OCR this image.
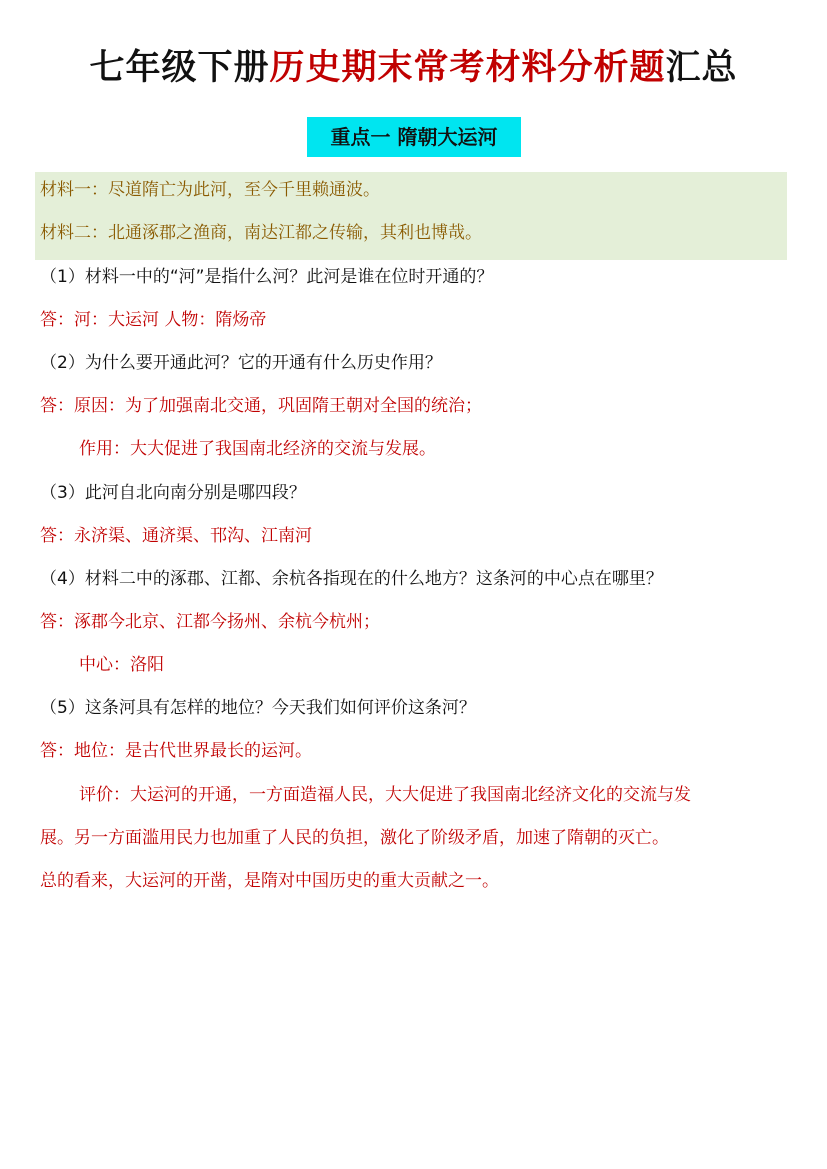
七年级下册历史期末常考材料分析题汇总
重点一 隋朝大运河
材料一：尽道隋亡为此河，至今千里赖通波。
材料二：北通涿郡之渔商，南达江都之传输，其利也博哉。
（1）材料一中的“河”是指什么河？此河是谁在位时开通的？
答：河：大运河 人物：隋炀帝
（2）为什么要开通此河？它的开通有什么历史作用？
答：原因：为了加强南北交通，巩固隋王朝对全国的统治；
作用：大大促进了我国南北经济的交流与发展。
（3）此河自北向南分别是哪四段？
答：永济渠、通济渠、邗沟、江南河
（4）材料二中的涿郡、江都、余杭各指现在的什么地方？这条河的中心点在哪里？
答：涿郡今北京、江都今扬州、余杭今杭州；
中心：洛阳
（5）这条河具有怎样的地位？今天我们如何评价这条河？
答：地位：是古代世界最长的运河。
评价：大运河的开通，一方面造福人民，大大促进了我国南北经济文化的交流与发
展。另一方面滥用民力也加重了人民的负担，激化了阶级矛盾，加速了隋朝的灭亡。
总的看来，大运河的开凿，是隋对中国历史的重大贡献之一。
